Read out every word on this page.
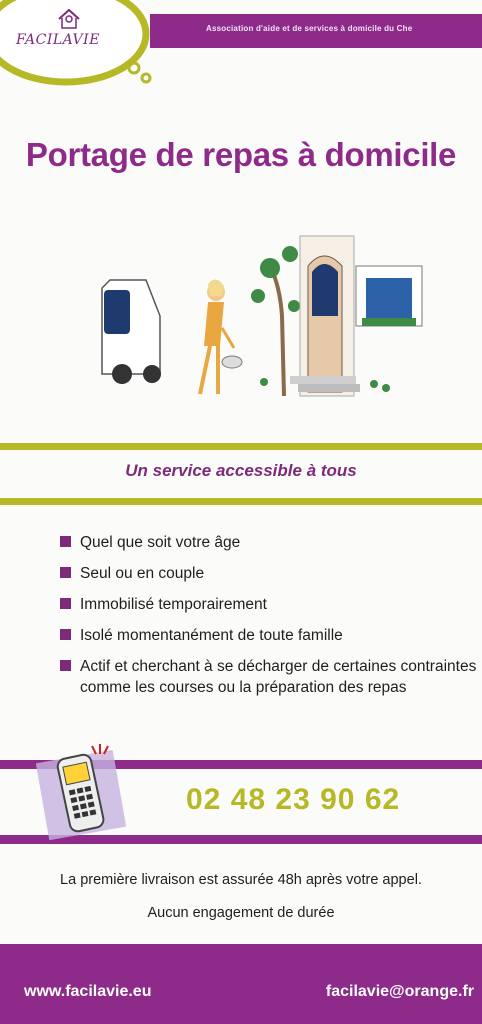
Association d'aide et de services à domicile du Che
FACILAVIE
Portage de repas à domicile
Un service accessible à tous
Quel que soit votre âge
Seul ou en couple
Immobilisé temporairement
Isolé momentanément de toute famille
Actif et cherchant à se décharger de certaines contraintes comme les courses ou la préparation des repas
02 48 23 90 62
La première livraison est assurée 48h après votre appel.
Aucun engagement de durée
www.facilavie.eu	facilavie@orange.fr
